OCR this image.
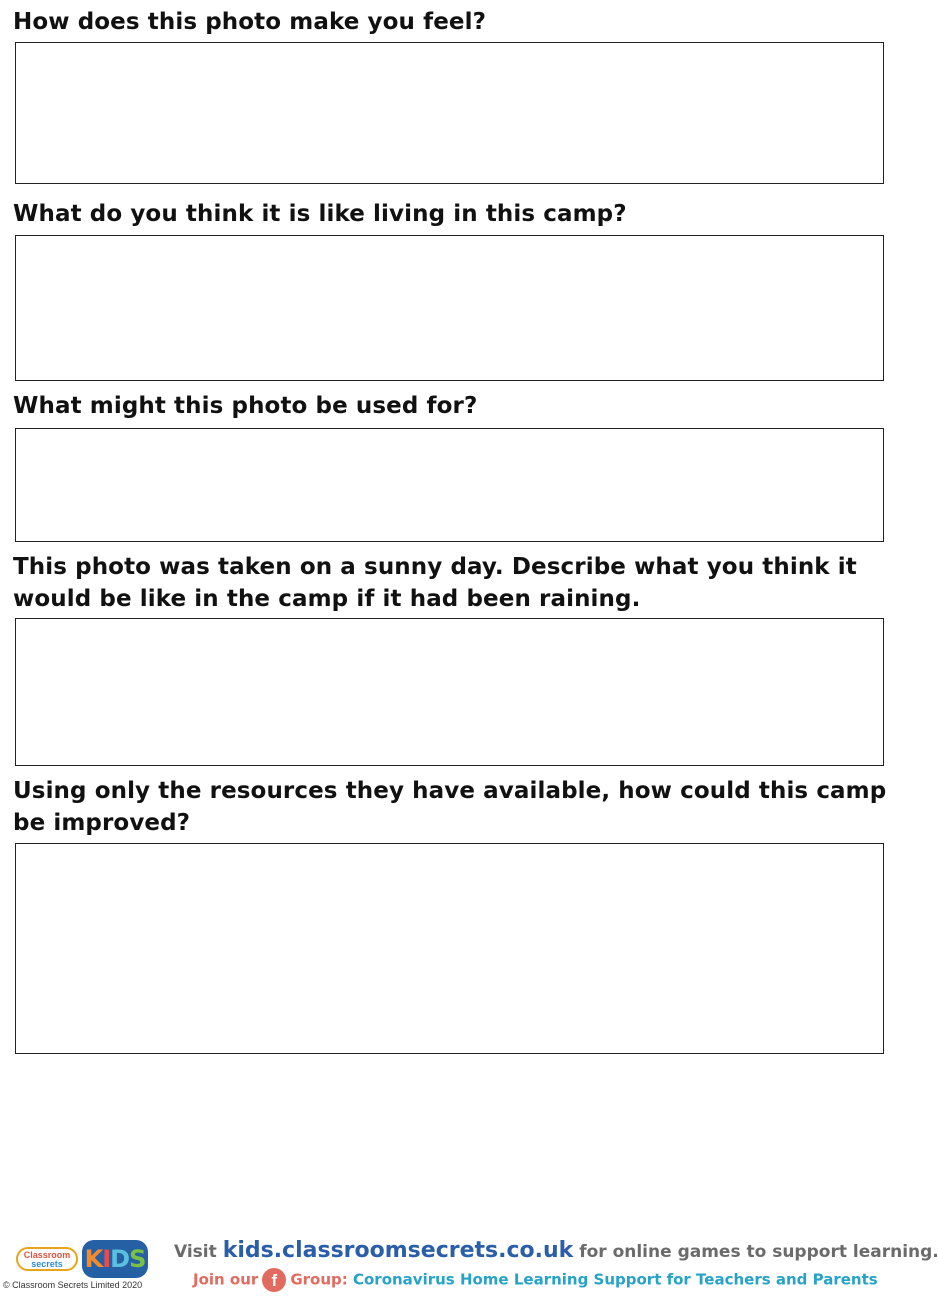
How does this photo make you feel?
What do you think it is like living in this camp?
What might this photo be used for?
This photo was taken on a sunny day. Describe what you think it would be like in the camp if it had been raining.
Using only the resources they have available, how could this camp be improved?
Classroom
secrets KIDS
© Classroom Secrets Limited 2020
Visit kids.classroomsecrets.co.uk for online games to support learning.
Join our f Group: Coronavirus Home Learning Support for Teachers and Parents
